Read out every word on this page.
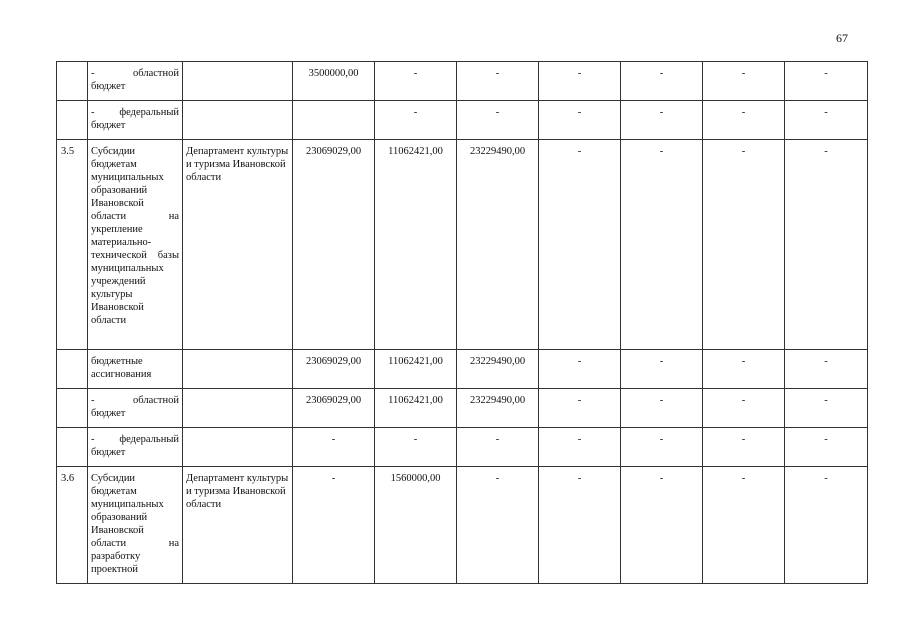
67
	- областной бюджет		3500000,00	-	-	-	-	-	-
	- федеральный бюджет			-	-	-	-	-	-
3.5	Субсидии бюджетам муниципальных образований Ивановской области на укрепление материально-технической базы муниципальных учреждений культуры Ивановской области	Департамент культуры и туризма Ивановской области	23069029,00	11062421,00	23229490,00	-	-	-	-
	бюджетные ассигнования		23069029,00	11062421,00	23229490,00	-	-	-	-
	- областной бюджет		23069029,00	11062421,00	23229490,00	-	-	-	-
	- федеральный бюджет		-	-	-	-	-	-	-
3.6	Субсидии бюджетам муниципальных образований Ивановской области на разработку проектной	Департамент культуры и туризма Ивановской области	-	1560000,00	-	-	-	-	-
